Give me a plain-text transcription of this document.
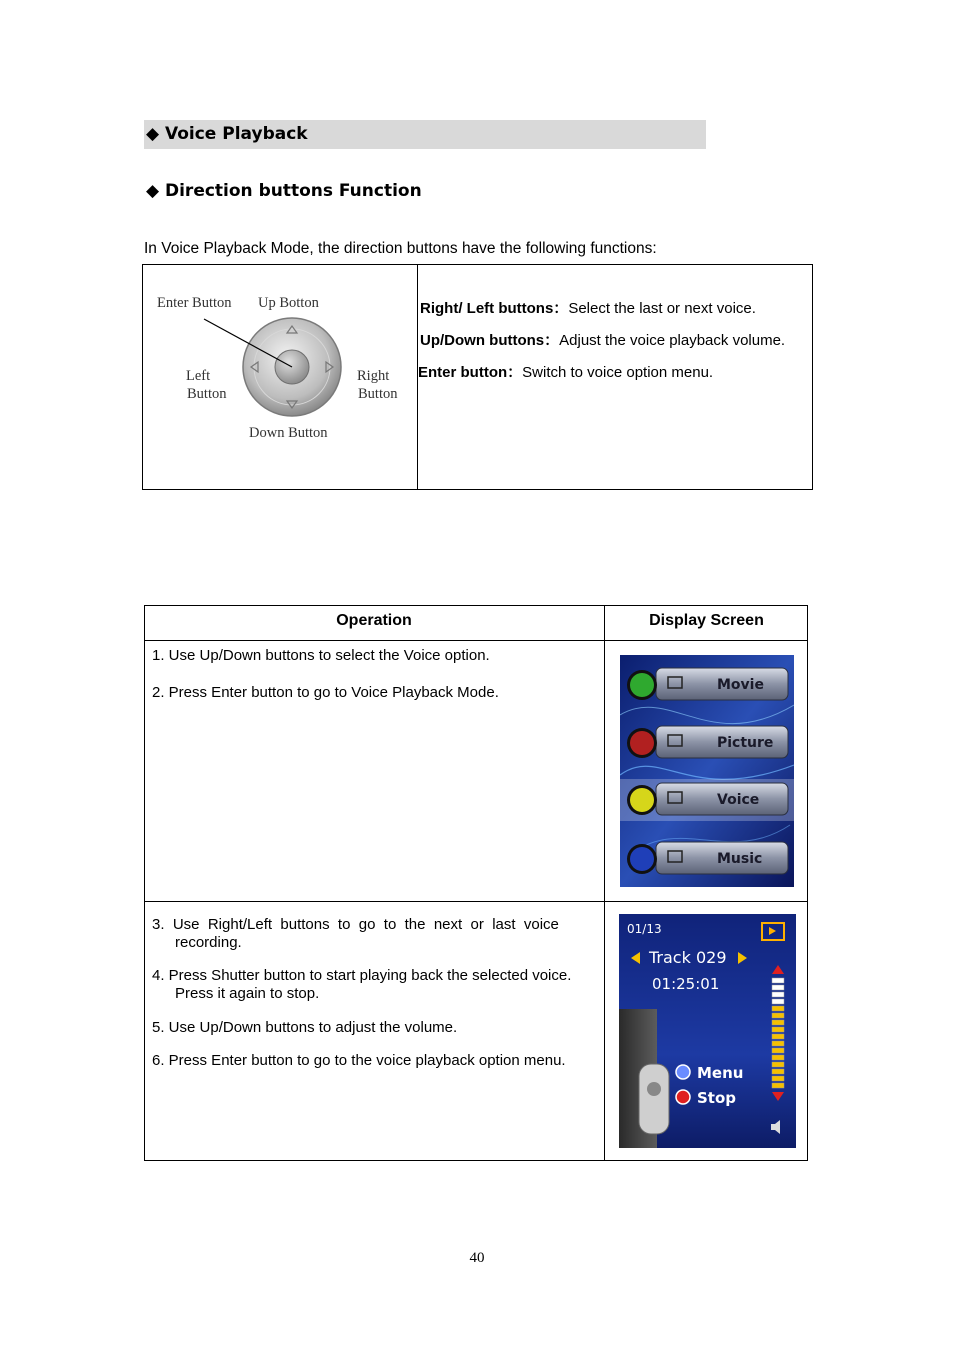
◆ Voice Playback
◆ Direction buttons Function
In Voice Playback Mode, the direction buttons have the following functions:
Enter Button Up Botton
Left
Button
Right
Button
Down Button
Right/ Left buttons：Select the last or next voice.
Up/Down buttons：Adjust the voice playback volume.
Enter button：Switch to voice option menu.
Operation	Display Screen
1. Use Up/Down buttons to select the Voice option.
2. Press Enter button to go to Voice Playback Mode.
3.  Use  Right/Left  buttons  to  go  to  the  next  or  last  voice
recording.
4. Press Shutter button to start playing back the selected voice.
Press it again to stop.
5. Use Up/Down buttons to adjust the volume.
6. Press Enter button to go to the voice playback option menu.
Movie
Picture
Voice
Music
01/13
Track 029
01:25:01
Menu
Stop
40
